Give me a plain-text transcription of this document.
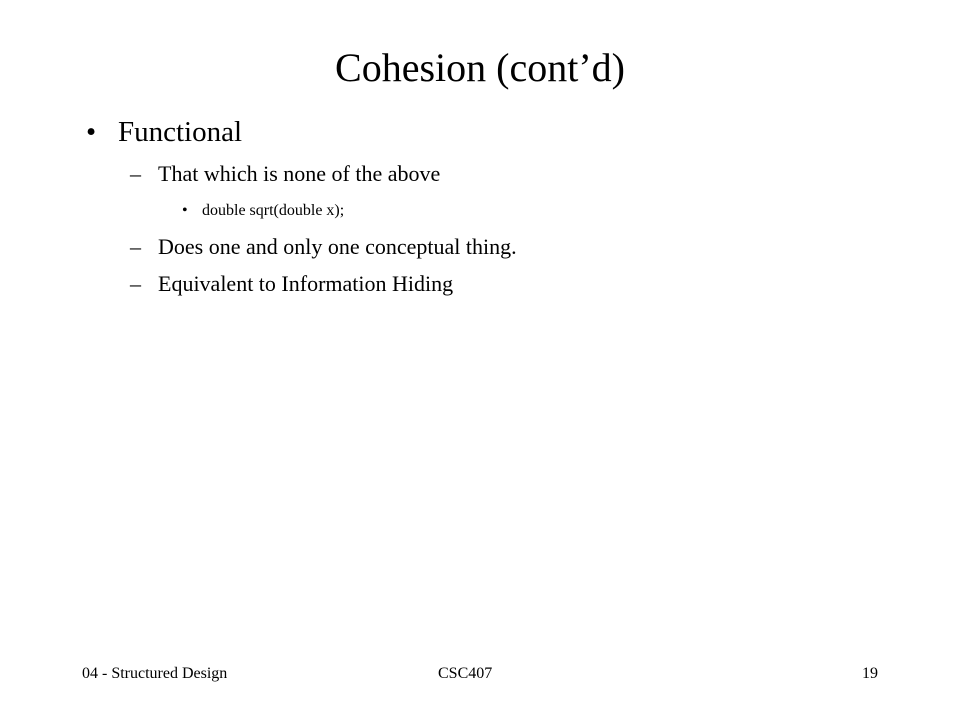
Cohesion (cont’d)
• Functional
– That which is none of the above
• double sqrt(double x);
– Does one and only one conceptual thing.
– Equivalent to Information Hiding
04 - Structured Design	CSC407	19
